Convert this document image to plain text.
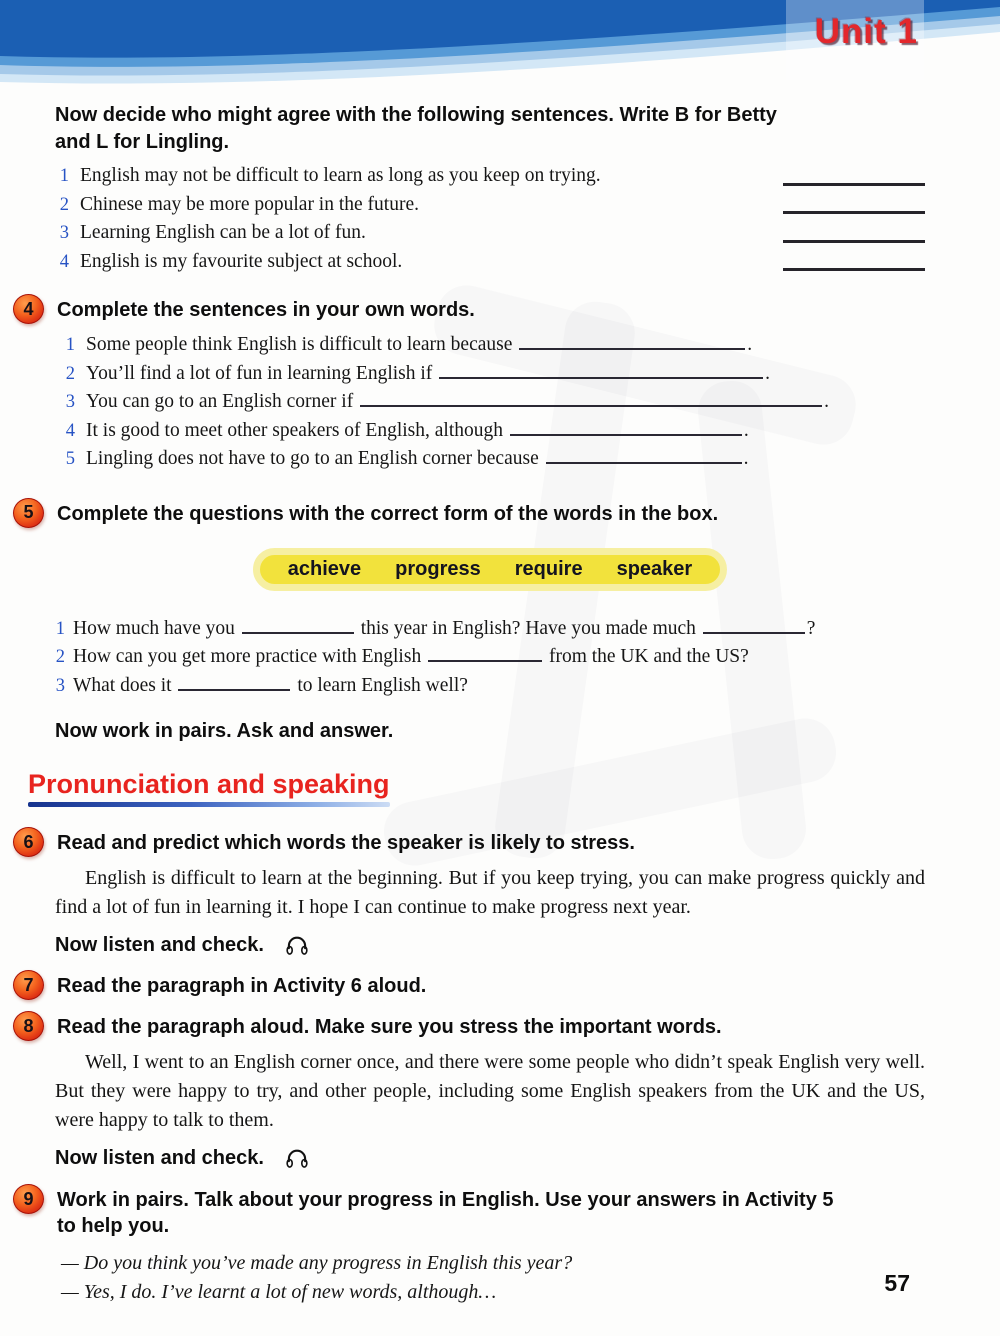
Unit 1
Now decide who might agree with the following sentences. Write B for Betty
and L for Lingling.
1 English may not be difficult to learn as long as you keep on trying.
2 Chinese may be more popular in the future.
3 Learning English can be a lot of fun.
4 English is my favourite subject at school.
4	Complete the sentences in your own words.
1 Some people think English is difficult to learn because	.
2 You’ll find a lot of fun in learning English if	.
3 You can go to an English corner if	.
4 It is good to meet other speakers of English, although	.
5 Lingling does not have to go to an English corner because	.
5	Complete the questions with the correct form of the words in the box.
achieve progress require speaker
1 How much have you	this year in English? Have you made much	?
2 How can you get more practice with English	from the UK and the US?
3 What does it	to learn English well?
Now work in pairs. Ask and answer.
Pronunciation and speaking
6	Read and predict which words the speaker is likely to stress.
English is difficult to learn at the beginning. But if you keep trying, you can make progress quickly and find a lot of fun in learning it. I hope I can continue to make progress next year.
Now listen and check.
7	Read the paragraph in Activity 6 aloud.
8	Read the paragraph aloud. Make sure you stress the important words.
Well, I went to an English corner once, and there were some people who didn’t speak English very well. But they were happy to try, and other people, including some English speakers from the UK and the US, were happy to talk to them.
Now listen and check.
9	Work in pairs. Talk about your progress in English. Use your answers in Activity 5
to help you.
— Do you think you’ve made any progress in English this year?
— Yes, I do. I’ve learnt a lot of new words, although…	57
